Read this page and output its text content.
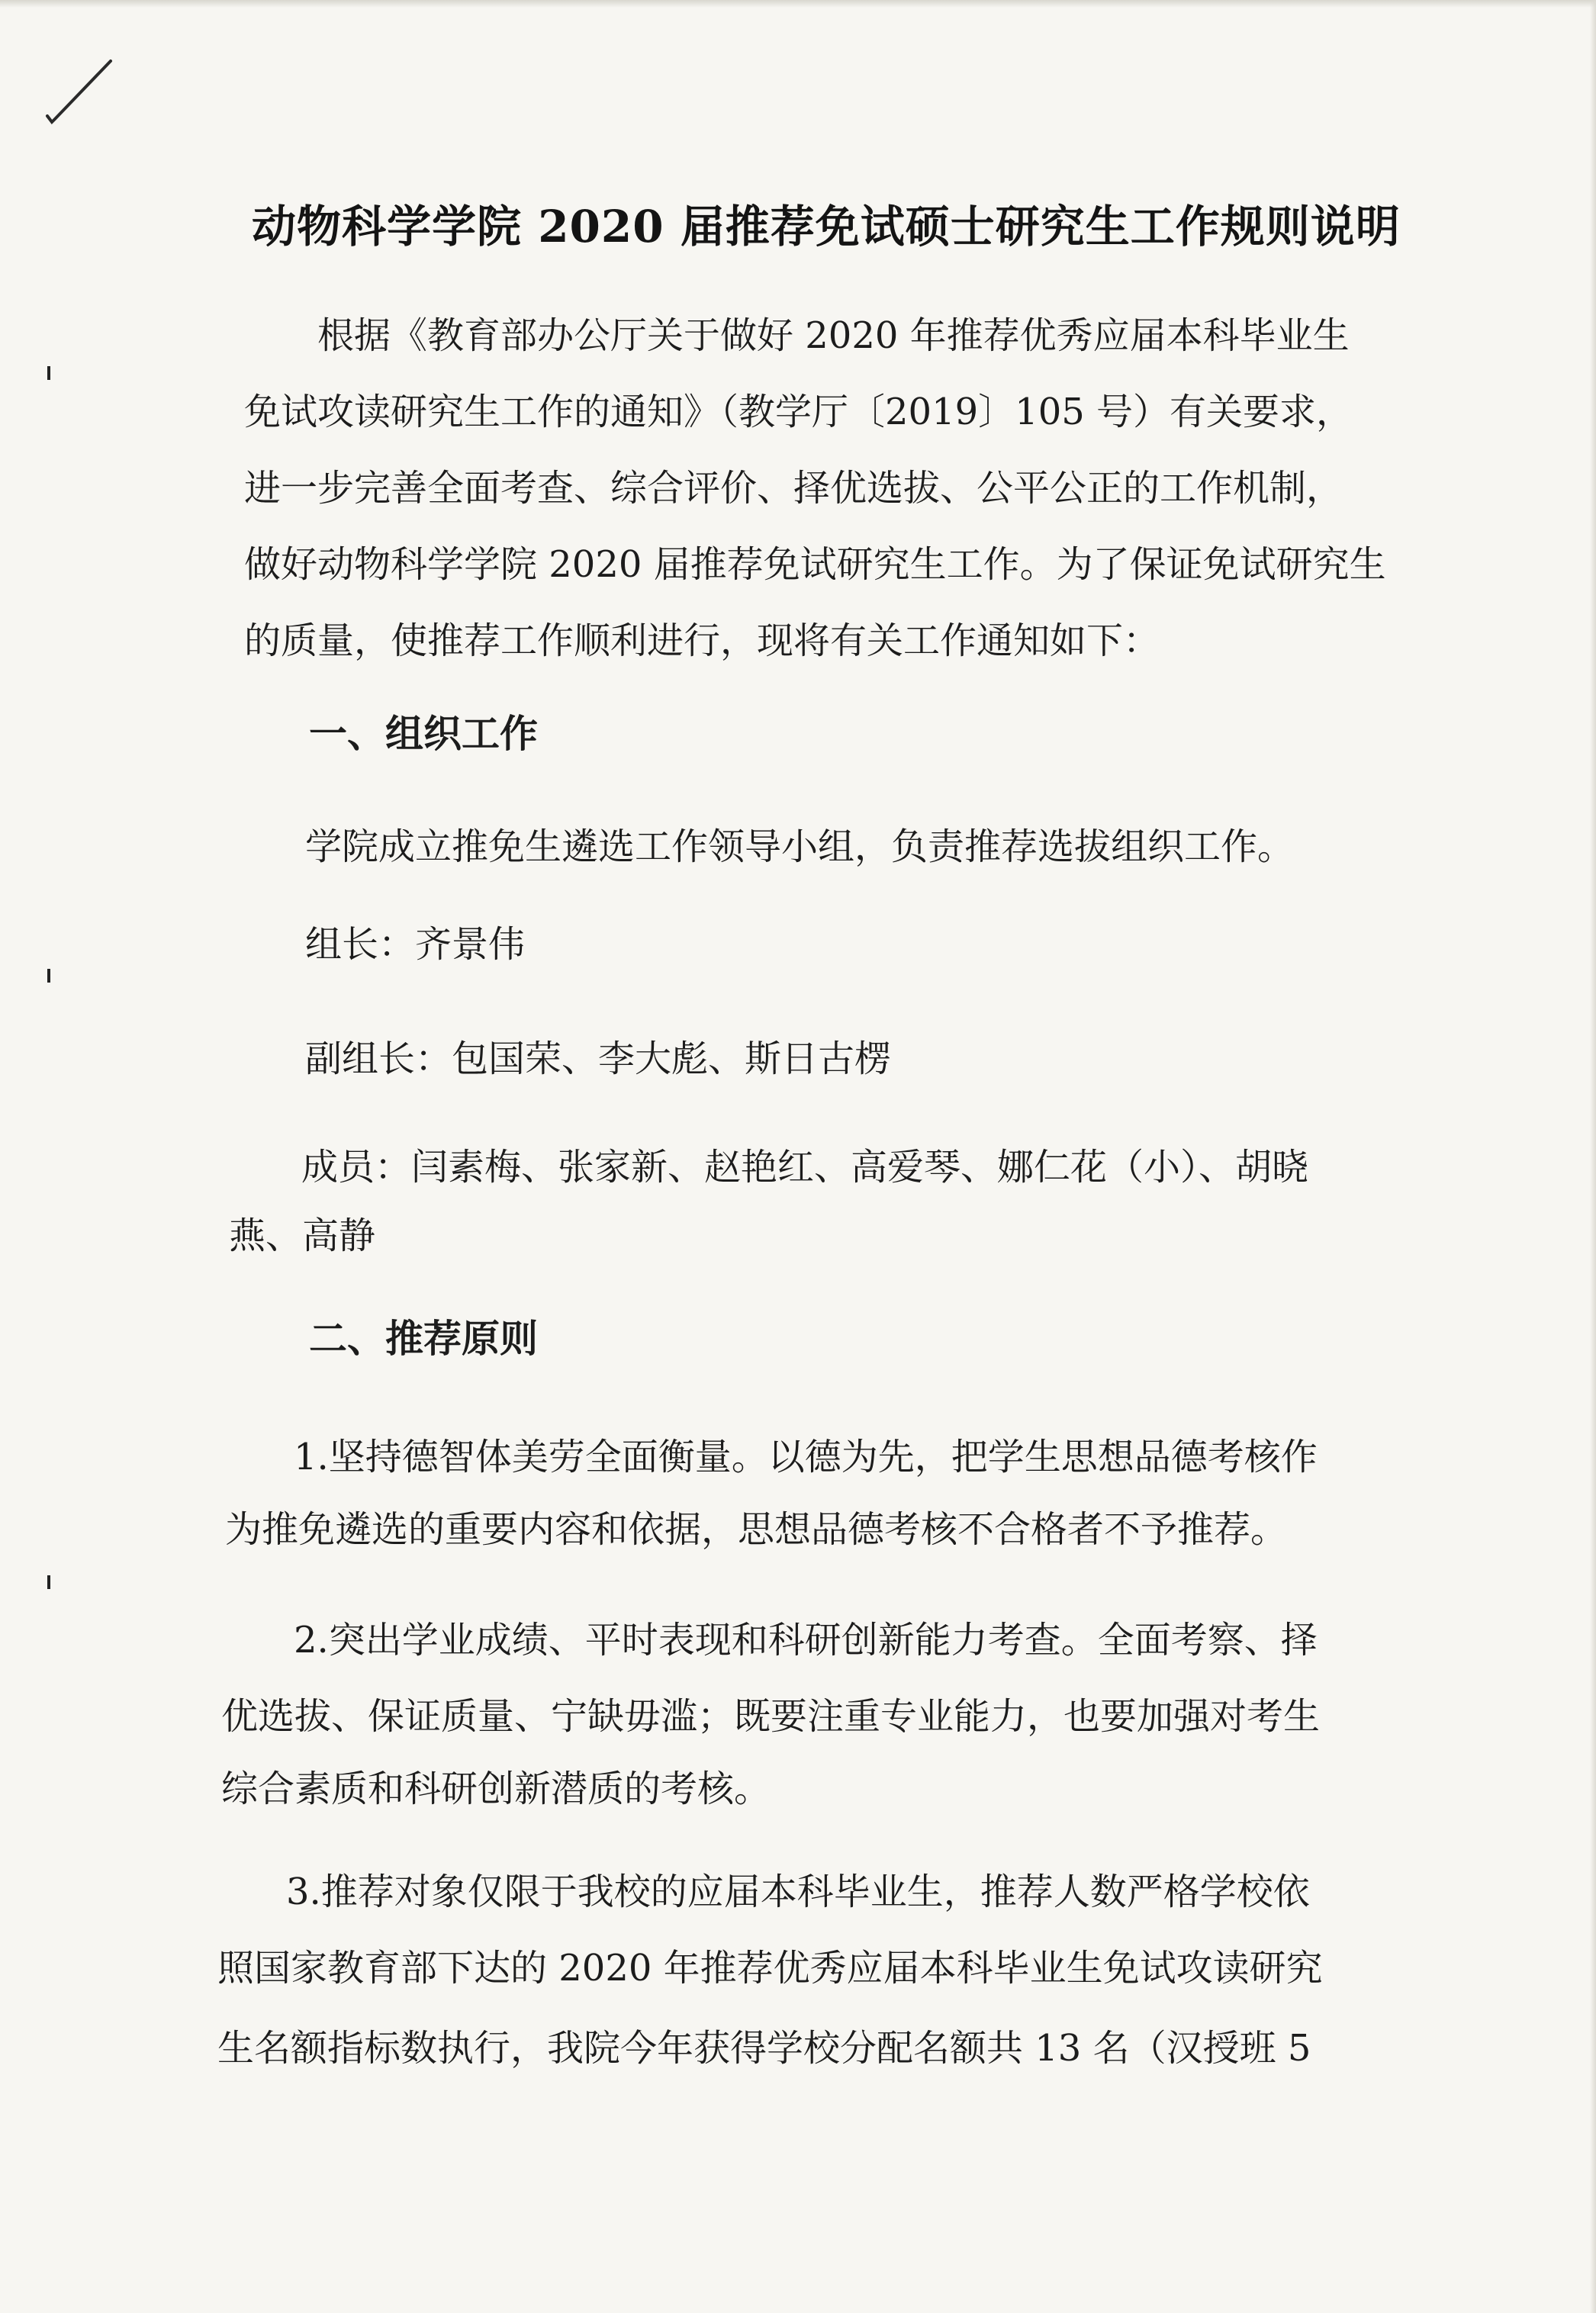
动物科学学院 2020 届推荐免试硕士研究生工作规则说明
根据《教育部办公厅关于做好 2020 年推荐优秀应届本科毕业生
免试攻读研究生工作的通知》（教学厅〔2019〕105 号）有关要求，
进一步完善全面考查、综合评价、择优选拔、公平公正的工作机制，
做好动物科学学院 2020 届推荐免试研究生工作。为了保证免试研究生
的质量，使推荐工作顺利进行，现将有关工作通知如下：
一、组织工作
学院成立推免生遴选工作领导小组，负责推荐选拔组织工作。
组长：齐景伟
副组长：包国荣、李大彪、斯日古楞
成员：闫素梅、张家新、赵艳红、高爱琴、娜仁花（小）、胡晓
燕、高静
二、推荐原则
1.坚持德智体美劳全面衡量。以德为先，把学生思想品德考核作
为推免遴选的重要内容和依据，思想品德考核不合格者不予推荐。
2.突出学业成绩、平时表现和科研创新能力考查。全面考察、择
优选拔、保证质量、宁缺毋滥；既要注重专业能力，也要加强对考生
综合素质和科研创新潜质的考核。
3.推荐对象仅限于我校的应届本科毕业生，推荐人数严格学校依
照国家教育部下达的 2020 年推荐优秀应届本科毕业生免试攻读研究
生名额指标数执行，我院今年获得学校分配名额共 13 名（汉授班 5
